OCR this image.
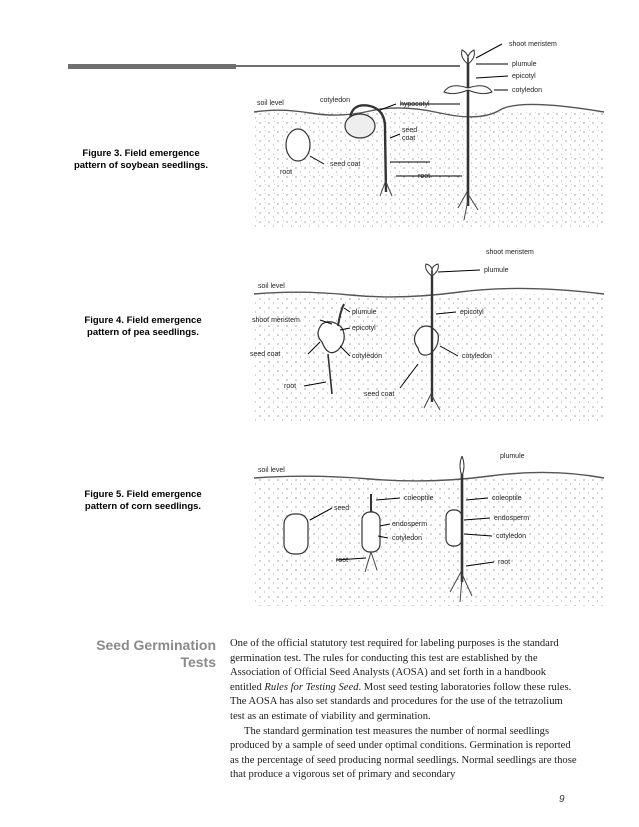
Figure 3. Field emergence
pattern of soybean seedlings.
Figure 4. Field emergence
pattern of pea seedlings.
Figure 5. Field emergence
pattern of corn seedlings.
shoot meristem
plumule
epicotyl
cotyledon
soil level	cotyledon
hypocotyl
seed
coat
seed coat
root
root
shoot meristem
plumule
soil level
shoot meristem
plumule
epicotyl
epicotyl
seed coat	cotyledon	cotyledon
root
seed coat
plumule
soil level
coleoptile	coleoptile
seed
endosperm
endosperm
cotyledon	cotyledon
root	root
Seed Germination
Tests

One of the official statutory test required for labeling purposes is the standard germination test. The rules for conducting this test are established by the Association of Official Seed Analysts (AOSA) and set forth in a handbook entitled Rules for Testing Seed. Most seed testing laboratories follow these rules. The AOSA has also set standards and procedures for the use of the tetrazolium test as an estimate of viability and germination.

The standard germination test measures the number of normal seedlings produced by a sample of seed under optimal conditions. Germination is reported as the percentage of seed producing normal seedlings. Normal seedlings are those that produce a vigorous set of primary and secondary

9
